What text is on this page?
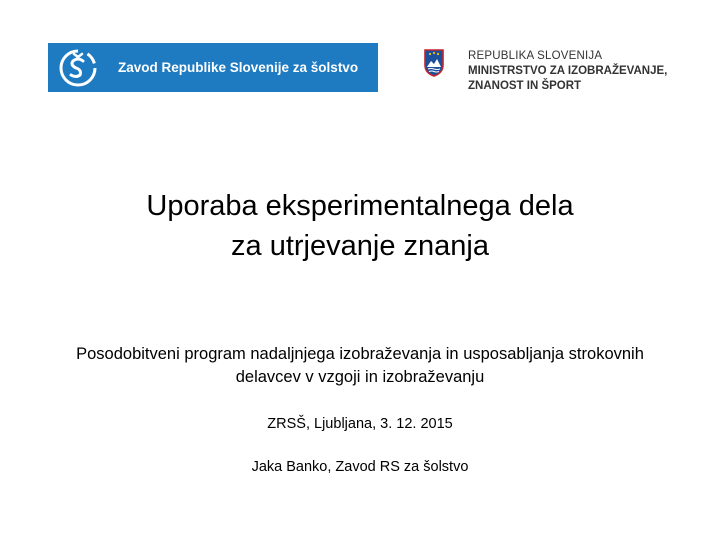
Zavod Republike Slovenije za šolstvo
REPUBLIKA SLOVENIJA
MINISTRSTVO ZA IZOBRAŽEVANJE,
ZNANOST IN ŠPORT
Uporaba eksperimentalnega dela
za utrjevanje znanja
Posodobitveni program nadaljnjega izobraževanja in usposabljanja strokovnih
delavcev v vzgoji in izobraževanju
ZRSŠ, Ljubljana, 3. 12. 2015
Jaka Banko, Zavod RS za šolstvo
